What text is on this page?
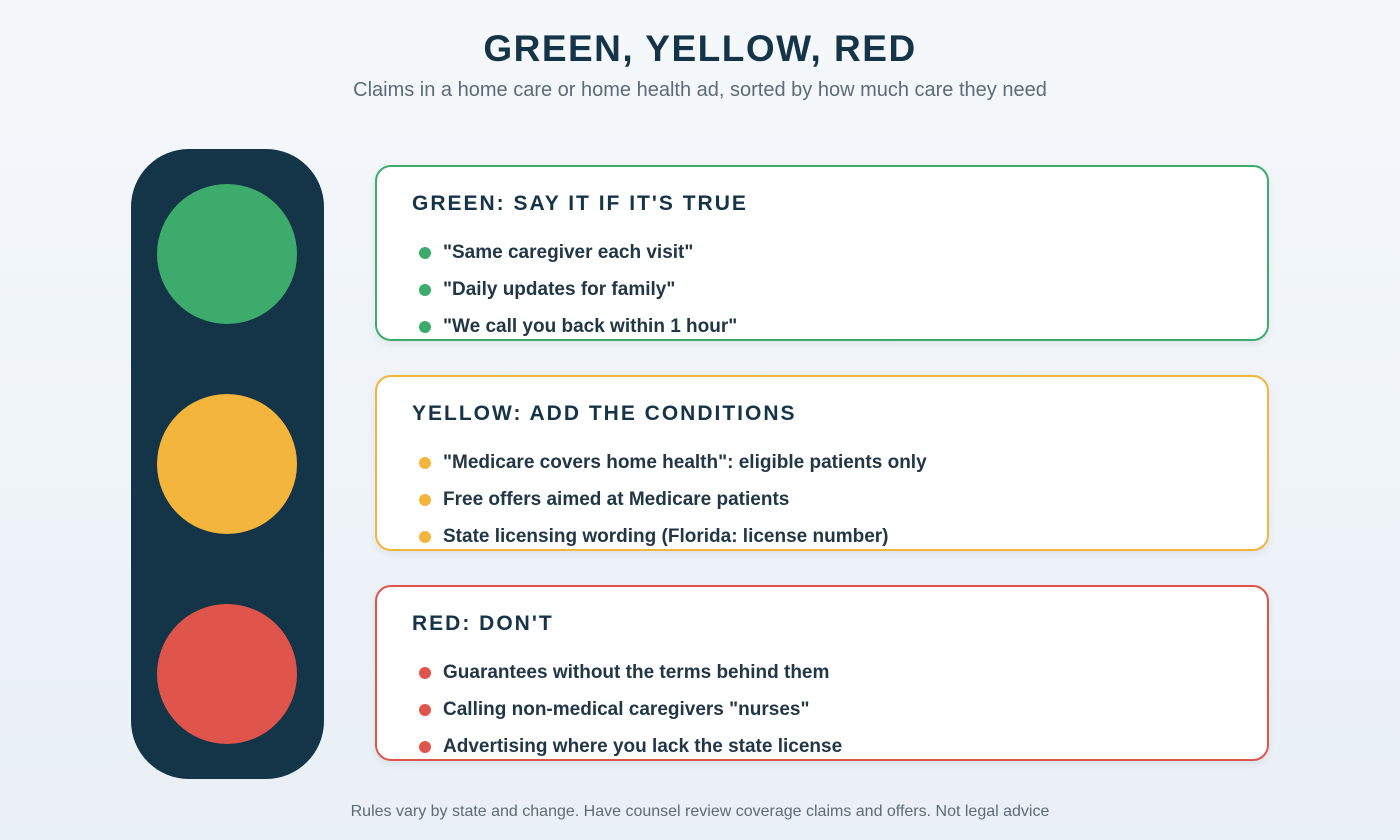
GREEN, YELLOW, RED
Claims in a home care or home health ad, sorted by how much care they need
GREEN: SAY IT IF IT'S TRUE
"Same caregiver each visit"
"Daily updates for family"
"We call you back within 1 hour"
YELLOW: ADD THE CONDITIONS
"Medicare covers home health": eligible patients only
Free offers aimed at Medicare patients
State licensing wording (Florida: license number)
RED: DON'T
Guarantees without the terms behind them
Calling non-medical caregivers "nurses"
Advertising where you lack the state license
Rules vary by state and change. Have counsel review coverage claims and offers. Not legal advice
